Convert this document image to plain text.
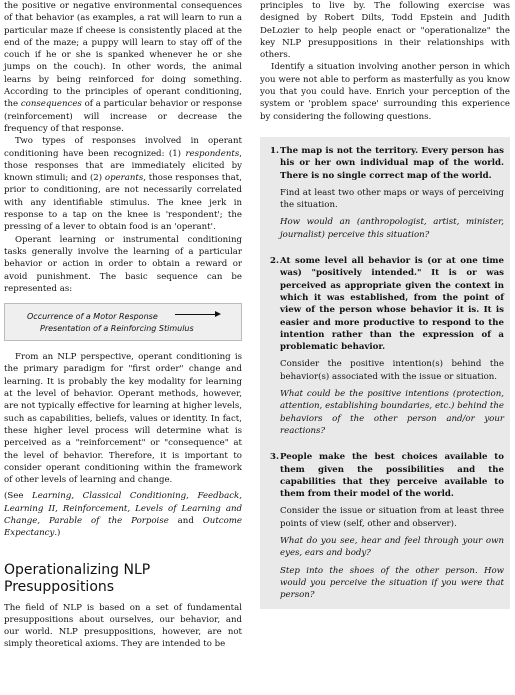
the positive or negative environmental consequences of that behavior (as examples, a rat will learn to run a particular maze if cheese is consistently placed at the end of the maze; a puppy will learn to stay off of the couch if he or she is spanked whenever he or she jumps on the couch). In other words, the animal learns by being reinforced for doing something. According to the principles of operant conditioning, the consequences of a particular behavior or response (reinforcement) will increase or decrease the frequency of that response.

Two types of responses involved in operant conditioning have been recognized: (1) respondents, those responses that are immediately elicited by known stimuli; and (2) operants, those responses that, prior to conditioning, are not necessarily correlated with any identifiable stimulus. The knee jerk in response to a tap on the knee is 'respondent'; the pressing of a lever to obtain food is an 'operant'.

Operant learning or instrumental conditioning tasks generally involve the learning of a particular behavior or action in order to obtain a reward or avoid punishment. The basic sequence can be represented as:

Occurrence of a Motor Response
Presentation of a Reinforcing Stimulus

From an NLP perspective, operant conditioning is the primary paradigm for "first order" change and learning. It is probably the key modality for learning at the level of behavior. Operant methods, however, are not typically effective for learning at higher levels, such as capabilities, beliefs, values or identity. In fact, these higher level process will determine what is perceived as a "reinforcement" or "consequence" at the level of behavior. Therefore, it is important to consider operant conditioning within the framework of other levels of learning and change.

(See Learning, Classical Conditioning, Feedback, Learning II, Reinforcement, Levels of Learning and Change, Parable of the Porpoise and Outcome Expectancy.)

Operationalizing NLP Presuppositions

The field of NLP is based on a set of fundamental presuppositions about ourselves, our behavior, and our world. NLP presuppositions, however, are not simply theoretical axioms. They are intended to be

principles to live by. The following exercise was designed by Robert Dilts, Todd Epstein and Judith DeLozier to help people enact or "operationalize" the key NLP presuppositions in their relationships with others.

Identify a situation involving another person in which you were not able to perform as masterfully as you know you that you could have. Enrich your perception of the system or 'problem space' surrounding this experience by considering the following questions.

1. The map is not the territory. Every person has his or her own individual map of the world. There is no single correct map of the world.

Find at least two other maps or ways of perceiving the situation.

How would an (anthropologist, artist, minister, journalist) perceive this situation?

2. At some level all behavior is (or at one time was) "positively intended." It is or was perceived as appropriate given the context in which it was established, from the point of view of the person whose behavior it is. It is easier and more productive to respond to the intention rather than the expression of a problematic behavior.

Consider the positive intention(s) behind the behavior(s) associated with the issue or situation.

What could be the positive intentions (protection, attention, establishing boundaries, etc.) behind the behaviors of the other person and/or your reactions?

3. People make the best choices available to them given the possibilities and the capabilities that they perceive available to them from their model of the world.

Consider the issue or situation from at least three points of view (self, other and observer).

What do you see, hear and feel through your own eyes, ears and body?

Step into the shoes of the other person. How would you perceive the situation if you were that person?
